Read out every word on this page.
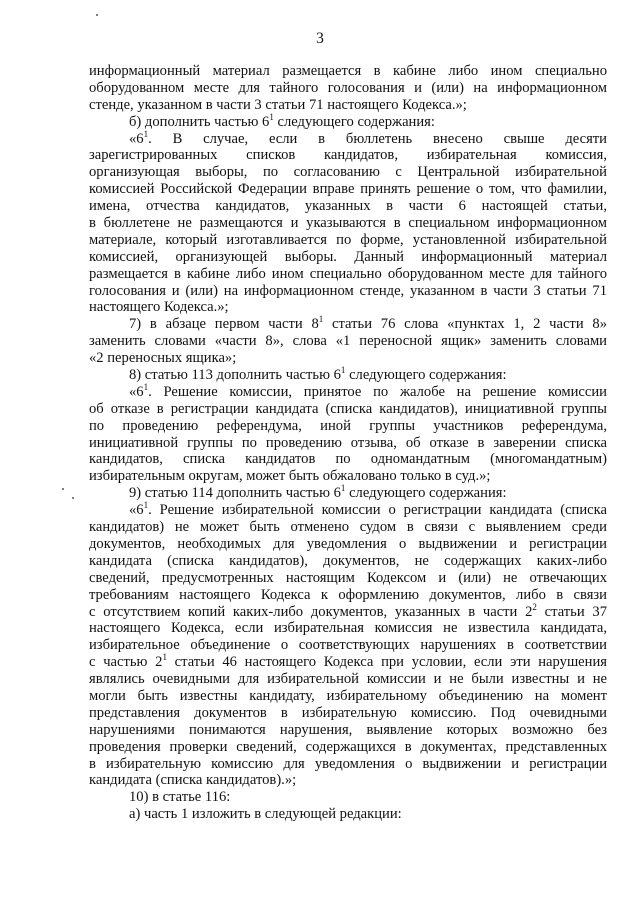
3
информационный материал размещается в кабине либо ином специально
оборудованном месте для тайного голосования и (или) на информационном
стенде, указанном в части 3 статьи 71 настоящего Кодекса.»;
б) дополнить частью $6^1$ следующего содержания:
«$6^1$. В случае, если в бюллетень внесено свыше десяти
зарегистрированных списков кандидатов, избирательная комиссия,
организующая выборы, по согласованию с Центральной избирательной
комиссией Российской Федерации вправе принять решение о том, что фамилии,
имена, отчества кандидатов, указанных в части 6 настоящей статьи,
в бюллетене не размещаются и указываются в специальном информационном
материале, который изготавливается по форме, установленной избирательной
комиссией, организующей выборы. Данный информационный материал
размещается в кабине либо ином специально оборудованном месте для тайного
голосования и (или) на информационном стенде, указанном в части 3 статьи 71
настоящего Кодекса.»;
7) в абзаце первом части $8^1$ статьи 76 слова «пунктах 1, 2 части 8»
заменить словами «части 8», слова «1 переносной ящик» заменить словами
«2 переносных ящика»;
8) статью 113 дополнить частью $6^1$ следующего содержания:
«$6^1$. Решение комиссии, принятое по жалобе на решение комиссии
об отказе в регистрации кандидата (списка кандидатов), инициативной группы
по проведению референдума, иной группы участников референдума,
инициативной группы по проведению отзыва, об отказе в заверении списка
кандидатов, списка кандидатов по одномандатным (многомандатным)
избирательным округам, может быть обжаловано только в суд.»;
9) статью 114 дополнить частью $6^1$ следующего содержания:
«$6^1$. Решение избирательной комиссии о регистрации кандидата (списка
кандидатов) не может быть отменено судом в связи с выявлением среди
документов, необходимых для уведомления о выдвижении и регистрации
кандидата (списка кандидатов), документов, не содержащих каких-либо
сведений, предусмотренных настоящим Кодексом и (или) не отвечающих
требованиям настоящего Кодекса к оформлению документов, либо в связи
с отсутствием копий каких-либо документов, указанных в части $2^2$ статьи 37
настоящего Кодекса, если избирательная комиссия не известила кандидата,
избирательное объединение о соответствующих нарушениях в соответствии
с частью $2^1$ статьи 46 настоящего Кодекса при условии, если эти нарушения
являлись очевидными для избирательной комиссии и не были известны и не
могли быть известны кандидату, избирательному объединению на момент
представления документов в избирательную комиссию. Под очевидными
нарушениями понимаются нарушения, выявление которых возможно без
проведения проверки сведений, содержащихся в документах, представленных
в избирательную комиссию для уведомления о выдвижении и регистрации
кандидата (списка кандидатов).»;
10) в статье 116:
а) часть 1 изложить в следующей редакции:
